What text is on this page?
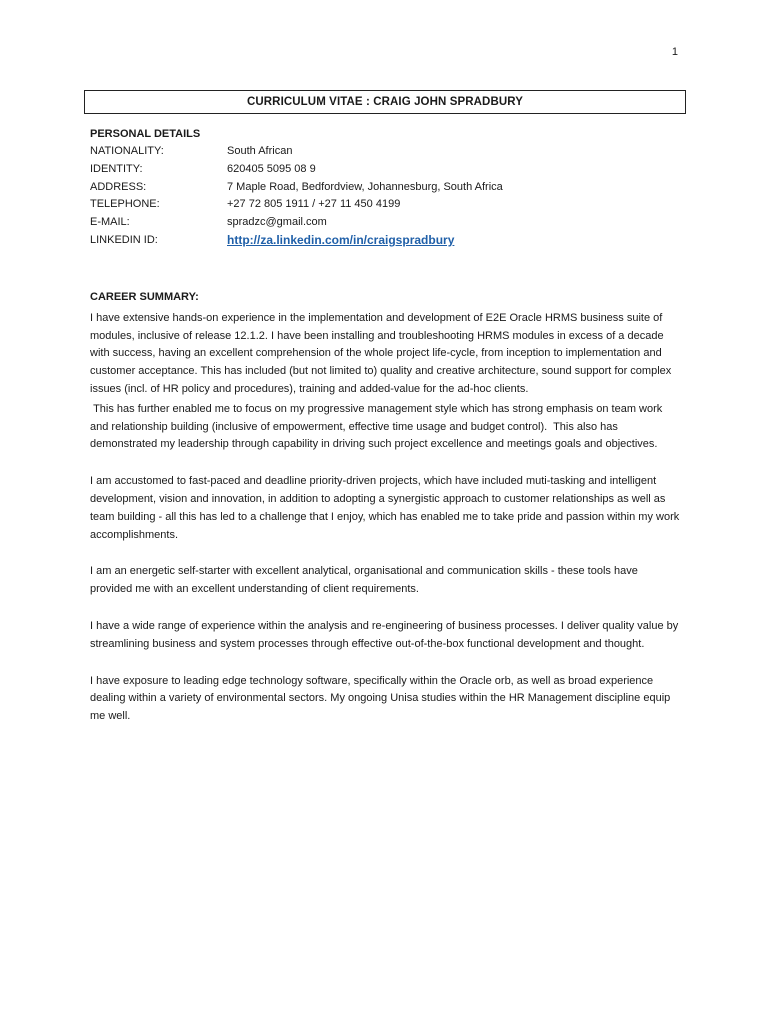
1
CURRICULUM VITAE : CRAIG JOHN SPRADBURY
PERSONAL DETAILS
NATIONALITY:	South African
IDENTITY:	620405 5095 08 9
ADDRESS:	7 Maple Road, Bedfordview, Johannesburg, South Africa
TELEPHONE:	+27 72 805 1911 / +27 11 450 4199
E-MAIL:	spradzc@gmail.com
LINKEDIN ID:	http://za.linkedin.com/in/craigspradbury
CAREER SUMMARY:

I have extensive hands-on experience in the implementation and development of E2E Oracle HRMS business suite of modules, inclusive of release 12.1.2. I have been installing and troubleshooting HRMS modules in excess of a decade with success, having an excellent comprehension of the whole project life-cycle, from inception to implementation and customer acceptance. This has included (but not limited to) quality and creative architecture, sound support for complex issues (incl. of HR policy and procedures), training and added-value for the ad-hoc clients.

This has further enabled me to focus on my progressive management style which has strong emphasis on team work and relationship building (inclusive of empowerment, effective time usage and budget control).  This also has demonstrated my leadership through capability in driving such project excellence and meetings goals and objectives.

I am accustomed to fast-paced and deadline priority-driven projects, which have included muti-tasking and intelligent development, vision and innovation, in addition to adopting a synergistic approach to customer relationships as well as team building - all this has led to a challenge that I enjoy, which has enabled me to take pride and passion within my work accomplishments.

I am an energetic self-starter with excellent analytical, organisational and communication skills - these tools have provided me with an excellent understanding of client requirements.

I have a wide range of experience within the analysis and re-engineering of business processes. I deliver quality value by streamlining business and system processes through effective out-of-the-box functional development and thought.

I have exposure to leading edge technology software, specifically within the Oracle orb, as well as broad experience dealing within a variety of environmental sectors. My ongoing Unisa studies within the HR Management discipline equip me well.
